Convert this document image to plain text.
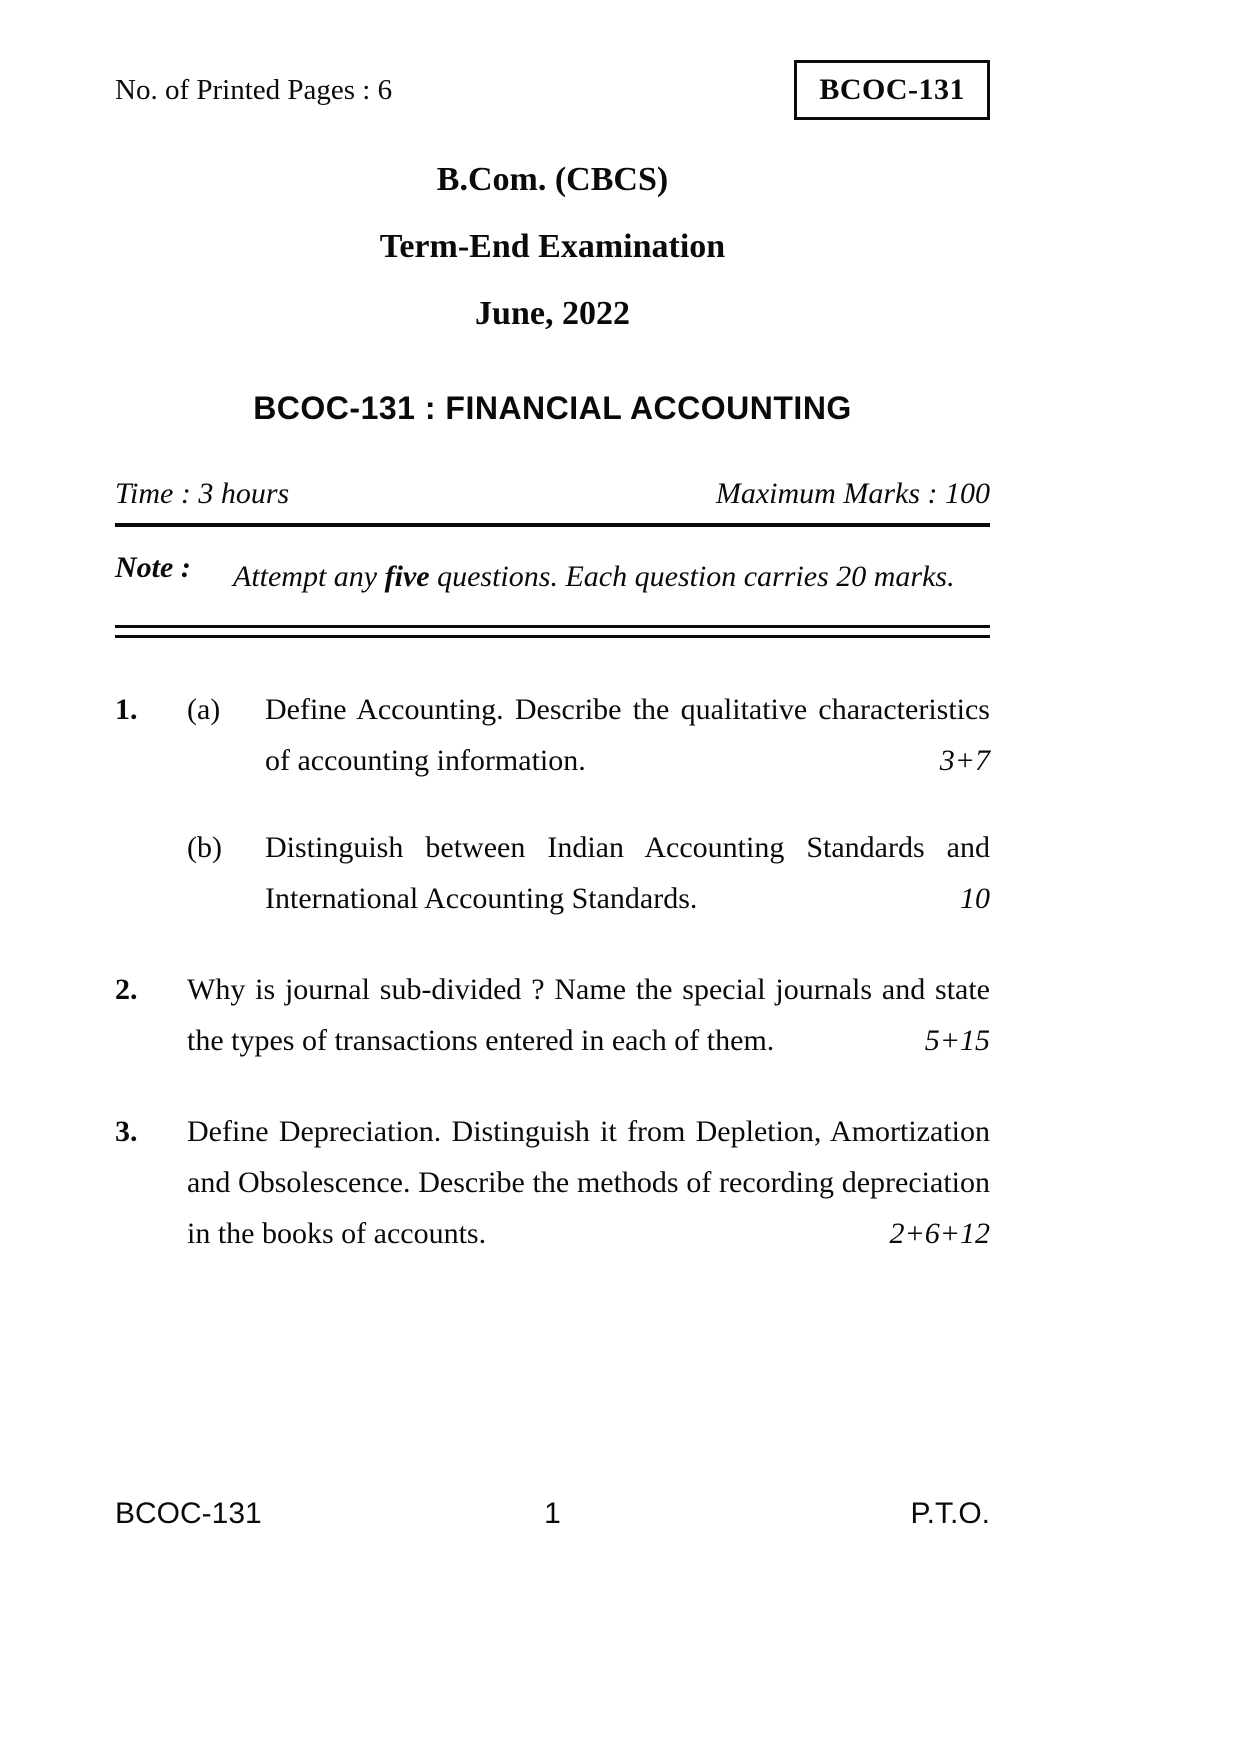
No. of Printed Pages : 6	BCOC-131
B.Com. (CBCS)
Term-End Examination
June, 2022
BCOC-131 : FINANCIAL ACCOUNTING
Time : 3 hours	Maximum Marks : 100
Note :	Attempt any five questions. Each question carries 20 marks.
1.	(a)	Define Accounting. Describe the qualitative characteristics of accounting information.	3+7
(b)	Distinguish between Indian Accounting Standards and International Accounting Standards.	10
2.	Why is journal sub-divided ? Name the special journals and state the types of transactions entered in each of them.	5+15
3.	Define Depreciation. Distinguish it from Depletion, Amortization and Obsolescence. Describe the methods of recording depreciation in the books of accounts.	2+6+12
BCOC-131	1	P.T.O.
